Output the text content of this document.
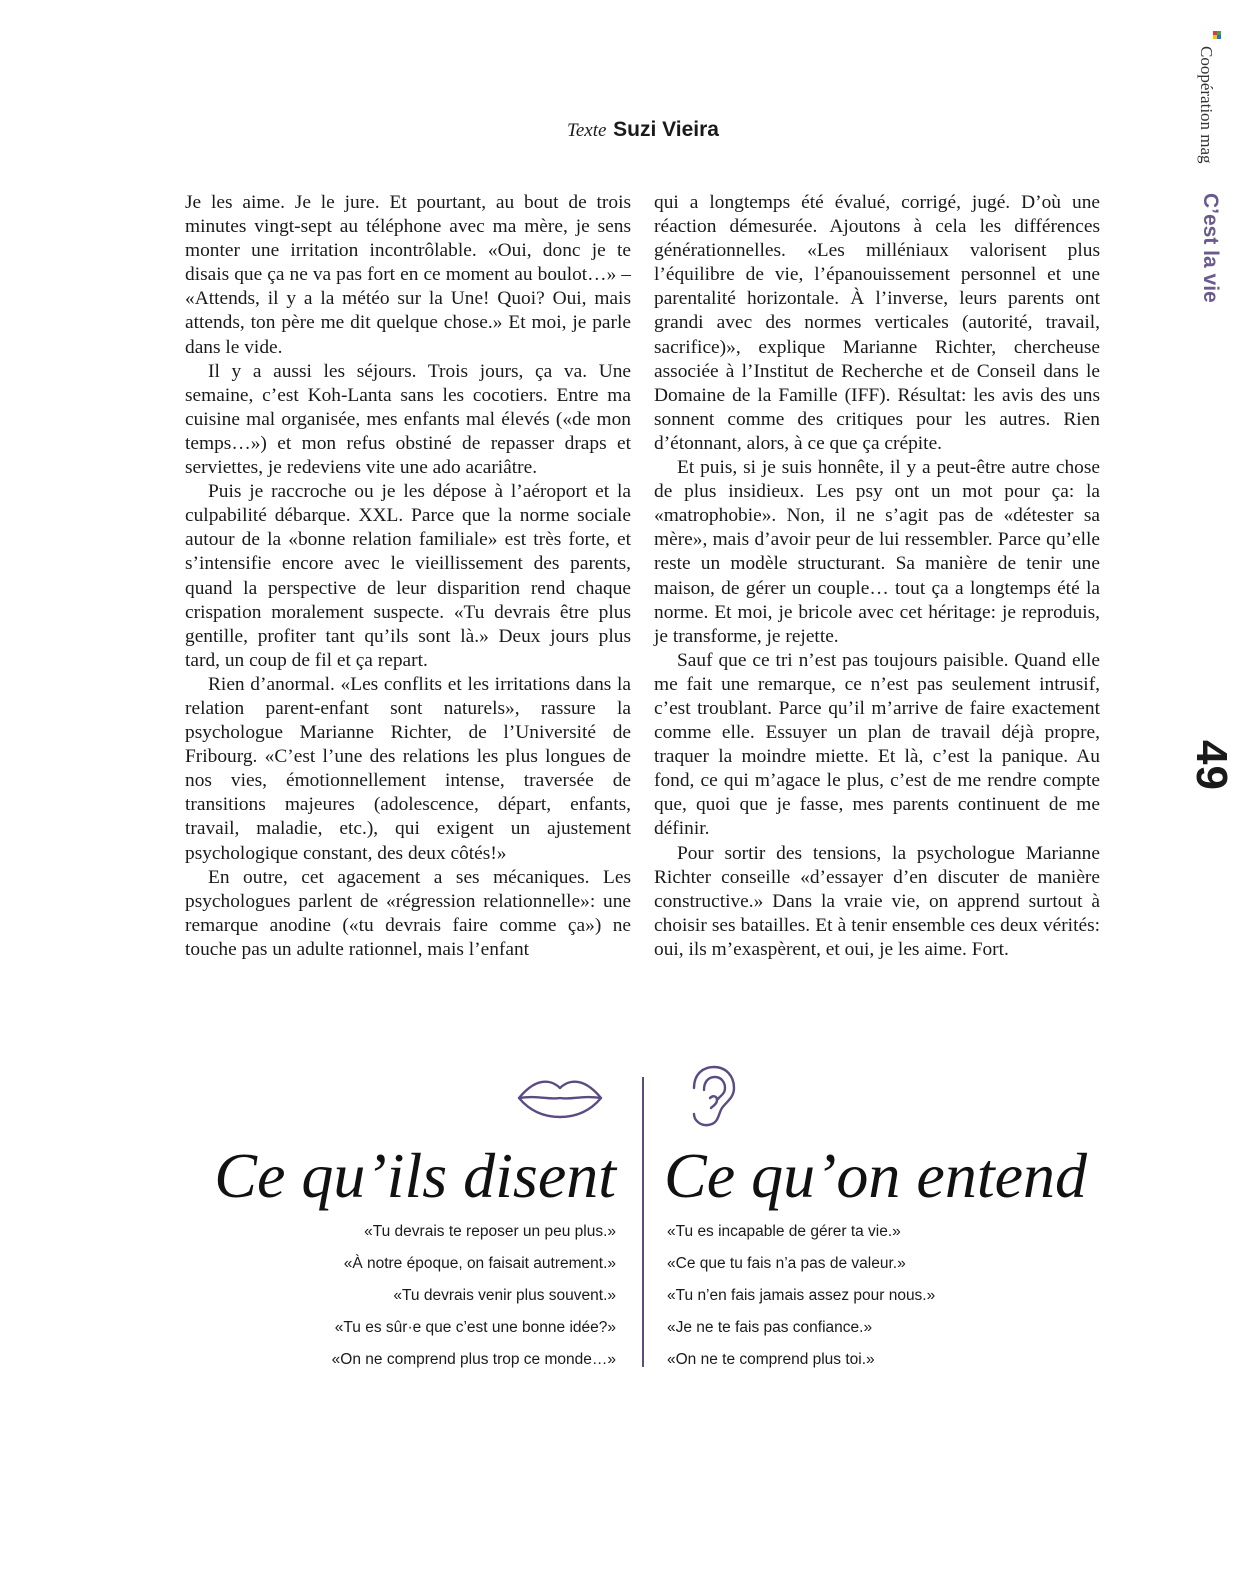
Texte Suzi Vieira	Coopération mag
C’est la vie
49

Je les aime. Je le jure. Et pourtant, au bout de trois minutes vingt-sept au téléphone avec ma mère, je sens monter une irritation incontrôlable. «Oui, donc je te disais que ça ne va pas fort en ce moment au boulot…» – «Attends, il y a la météo sur la Une! Quoi? Oui, mais attends, ton père me dit quelque chose.» Et moi, je parle dans le vide.

Il y a aussi les séjours. Trois jours, ça va. Une semaine, c’est Koh-Lanta sans les cocotiers. Entre ma cuisine mal organisée, mes enfants mal élevés («de mon temps…») et mon refus obstiné de repasser draps et serviettes, je redeviens vite une ado acariâtre.

Puis je raccroche ou je les dépose à l’aéroport et la culpabilité débarque. XXL. Parce que la norme sociale autour de la «bonne relation familiale» est très forte, et s’intensifie encore avec le vieillissement des parents, quand la perspective de leur disparition rend chaque crispation moralement suspecte. «Tu devrais être plus gentille, profiter tant qu’ils sont là.» Deux jours plus tard, un coup de fil et ça repart.

Rien d’anormal. «Les conflits et les irritations dans la relation parent-enfant sont naturels», rassure la psychologue Marianne Richter, de l’Université de Fribourg. «C’est l’une des relations les plus longues de nos vies, émotionnellement intense, traversée de transitions majeures (adolescence, départ, enfants, travail, maladie, etc.), qui exigent un ajustement psychologique constant, des deux côtés!»

En outre, cet agacement a ses mécaniques. Les psychologues parlent de «régression relationnelle»: une remarque anodine («tu devrais faire comme ça») ne touche pas un adulte rationnel, mais l’enfant

qui a longtemps été évalué, corrigé, jugé. D’où une réaction démesurée. Ajoutons à cela les différences générationnelles. «Les milléniaux valorisent plus l’équilibre de vie, l’épanouissement personnel et une parentalité horizontale. À l’inverse, leurs parents ont grandi avec des normes verticales (autorité, travail, sacrifice)», explique Marianne Richter, chercheuse associée à l’Institut de Recherche et de Conseil dans le Domaine de la Famille (IFF). Résultat: les avis des uns sonnent comme des critiques pour les autres. Rien d’étonnant, alors, à ce que ça crépite.

Et puis, si je suis honnête, il y a peut-être autre chose de plus insidieux. Les psy ont un mot pour ça: la «matrophobie». Non, il ne s’agit pas de «détester sa mère», mais d’avoir peur de lui ressembler. Parce qu’elle reste un modèle structurant. Sa manière de tenir une maison, de gérer un couple… tout ça a longtemps été la norme. Et moi, je bricole avec cet héritage: je reproduis, je transforme, je rejette.

Sauf que ce tri n’est pas toujours paisible. Quand elle me fait une remarque, ce n’est pas seulement intrusif, c’est troublant. Parce qu’il m’arrive de faire exactement comme elle. Essuyer un plan de travail déjà propre, traquer la moindre miette. Et là, c’est la panique. Au fond, ce qui m’agace le plus, c’est de me rendre compte que, quoi que je fasse, mes parents continuent de me définir.

Pour sortir des tensions, la psychologue Marianne Richter conseille «d’essayer d’en discuter de manière constructive.» Dans la vraie vie, on apprend surtout à choisir ses batailles. Et à tenir ensemble ces deux vérités: oui, ils m’exaspèrent, et oui, je les aime. Fort.

Ce qu’ils disent Ce qu’on entend
«Tu devrais te reposer un peu plus.»
«À notre époque, on faisait autrement.»
«Tu devrais venir plus souvent.»
«Tu es sûr·e que c’est une bonne idée?»
«On ne comprend plus trop ce monde…»
«Tu es incapable de gérer ta vie.»
«Ce que tu fais n’a pas de valeur.»
«Tu n’en fais jamais assez pour nous.»
«Je ne te fais pas confiance.»
«On ne te comprend plus toi.»
